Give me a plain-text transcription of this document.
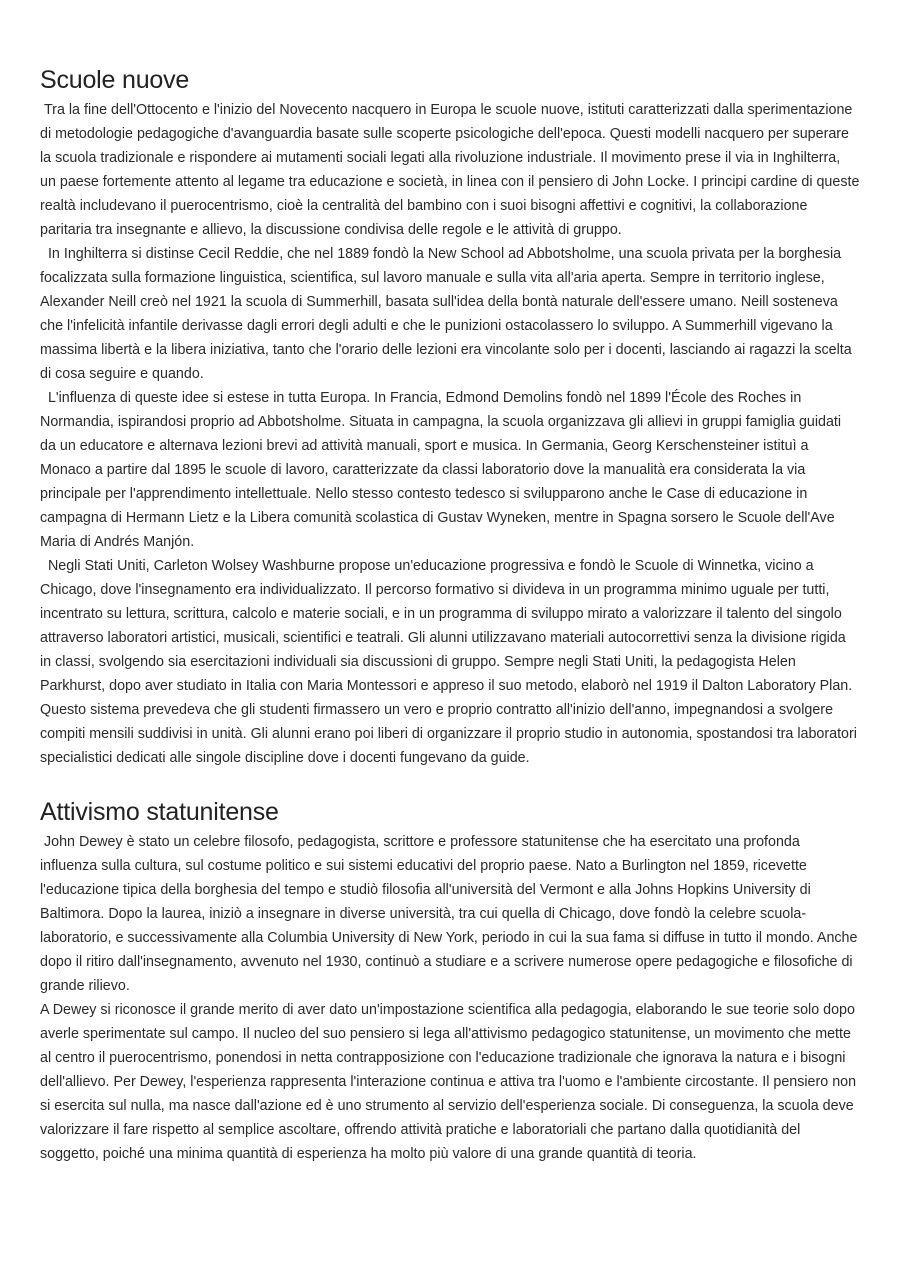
Scuole nuove

Tra la fine dell'Ottocento e l'inizio del Novecento nacquero in Europa le scuole nuove, istituti caratterizzati dalla sperimentazione di metodologie pedagogiche d'avanguardia basate sulle scoperte psicologiche dell'epoca. Questi modelli nacquero per superare la scuola tradizionale e rispondere ai mutamenti sociali legati alla rivoluzione industriale. Il movimento prese il via in Inghilterra, un paese fortemente attento al legame tra educazione e società, in linea con il pensiero di John Locke. I principi cardine di queste realtà includevano il puerocentrismo, cioè la centralità del bambino con i suoi bisogni affettivi e cognitivi, la collaborazione paritaria tra insegnante e allievo, la discussione condivisa delle regole e le attività di gruppo.

In Inghilterra si distinse Cecil Reddie, che nel 1889 fondò la New School ad Abbotsholme, una scuola privata per la borghesia focalizzata sulla formazione linguistica, scientifica, sul lavoro manuale e sulla vita all'aria aperta. Sempre in territorio inglese, Alexander Neill creò nel 1921 la scuola di Summerhill, basata sull'idea della bontà naturale dell'essere umano. Neill sosteneva che l'infelicità infantile derivasse dagli errori degli adulti e che le punizioni ostacolassero lo sviluppo. A Summerhill vigevano la massima libertà e la libera iniziativa, tanto che l'orario delle lezioni era vincolante solo per i docenti, lasciando ai ragazzi la scelta di cosa seguire e quando.

L'influenza di queste idee si estese in tutta Europa. In Francia, Edmond Demolins fondò nel 1899 l'École des Roches in Normandia, ispirandosi proprio ad Abbotsholme. Situata in campagna, la scuola organizzava gli allievi in gruppi famiglia guidati da un educatore e alternava lezioni brevi ad attività manuali, sport e musica. In Germania, Georg Kerschensteiner istituì a Monaco a partire dal 1895 le scuole di lavoro, caratterizzate da classi laboratorio dove la manualità era considerata la via principale per l'apprendimento intellettuale. Nello stesso contesto tedesco si svilupparono anche le Case di educazione in campagna di Hermann Lietz e la Libera comunità scolastica di Gustav Wyneken, mentre in Spagna sorsero le Scuole dell'Ave Maria di Andrés Manjón.

Negli Stati Uniti, Carleton Wolsey Washburne propose un'educazione progressiva e fondò le Scuole di Winnetka, vicino a Chicago, dove l'insegnamento era individualizzato. Il percorso formativo si divideva in un programma minimo uguale per tutti, incentrato su lettura, scrittura, calcolo e materie sociali, e in un programma di sviluppo mirato a valorizzare il talento del singolo attraverso laboratori artistici, musicali, scientifici e teatrali. Gli alunni utilizzavano materiali autocorrettivi senza la divisione rigida in classi, svolgendo sia esercitazioni individuali sia discussioni di gruppo. Sempre negli Stati Uniti, la pedagogista Helen Parkhurst, dopo aver studiato in Italia con Maria Montessori e appreso il suo metodo, elaborò nel 1919 il Dalton Laboratory Plan. Questo sistema prevedeva che gli studenti firmassero un vero e proprio contratto all'inizio dell'anno, impegnandosi a svolgere compiti mensili suddivisi in unità. Gli alunni erano poi liberi di organizzare il proprio studio in autonomia, spostandosi tra laboratori specialistici dedicati alle singole discipline dove i docenti fungevano da guide.

Attivismo statunitense

John Dewey è stato un celebre filosofo, pedagogista, scrittore e professore statunitense che ha esercitato una profonda influenza sulla cultura, sul costume politico e sui sistemi educativi del proprio paese. Nato a Burlington nel 1859, ricevette l'educazione tipica della borghesia del tempo e studiò filosofia all'università del Vermont e alla Johns Hopkins University di Baltimora. Dopo la laurea, iniziò a insegnare in diverse università, tra cui quella di Chicago, dove fondò la celebre scuola-laboratorio, e successivamente alla Columbia University di New York, periodo in cui la sua fama si diffuse in tutto il mondo. Anche dopo il ritiro dall'insegnamento, avvenuto nel 1930, continuò a studiare e a scrivere numerose opere pedagogiche e filosofiche di grande rilievo.

A Dewey si riconosce il grande merito di aver dato un'impostazione scientifica alla pedagogia, elaborando le sue teorie solo dopo averle sperimentate sul campo. Il nucleo del suo pensiero si lega all'attivismo pedagogico statunitense, un movimento che mette al centro il puerocentrismo, ponendosi in netta contrapposizione con l'educazione tradizionale che ignorava la natura e i bisogni dell'allievo. Per Dewey, l'esperienza rappresenta l'interazione continua e attiva tra l'uomo e l'ambiente circostante. Il pensiero non si esercita sul nulla, ma nasce dall'azione ed è uno strumento al servizio dell'esperienza sociale. Di conseguenza, la scuola deve valorizzare il fare rispetto al semplice ascoltare, offrendo attività pratiche e laboratoriali che partano dalla quotidianità del soggetto, poiché una minima quantità di esperienza ha molto più valore di una grande quantità di teoria.
